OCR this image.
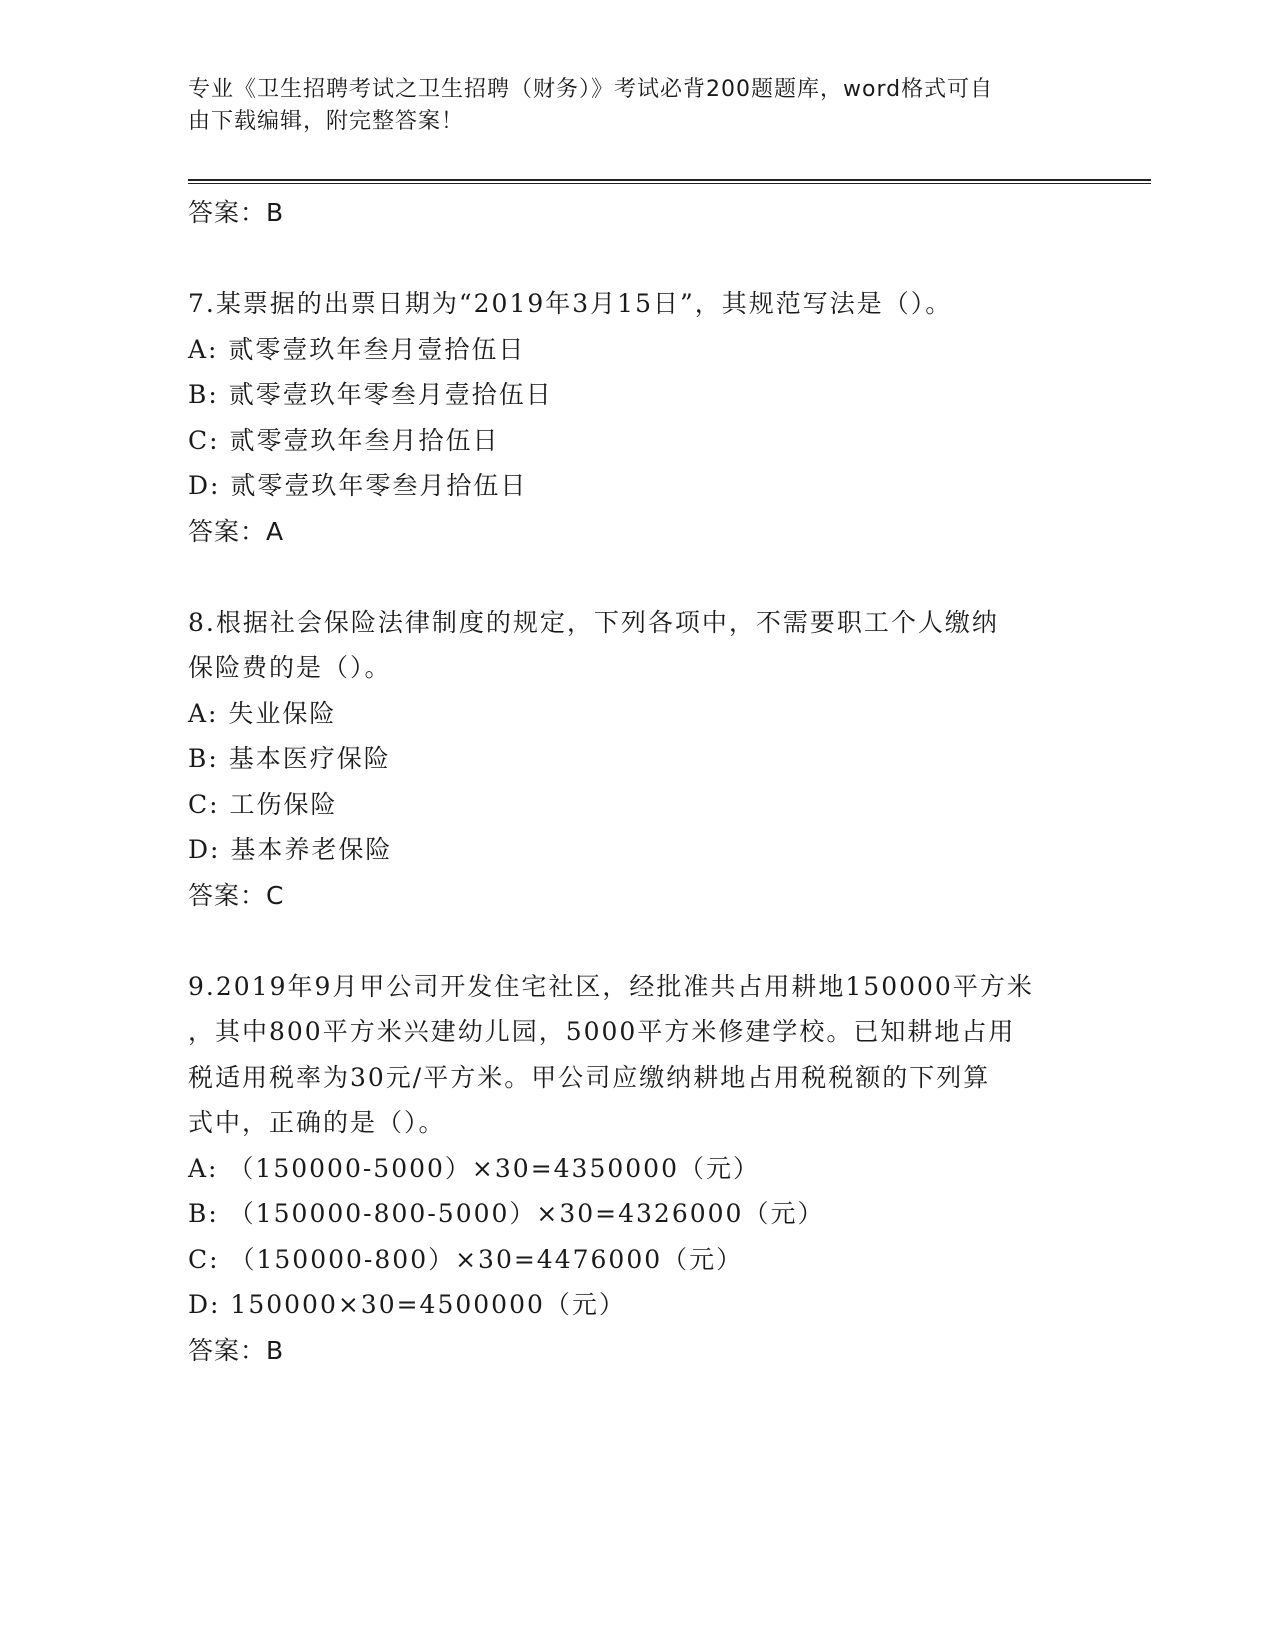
专业《卫生招聘考试之卫生招聘（财务）》考试必背200题题库，word格式可自
由下载编辑，附完整答案！
答案：B
7.某票据的出票日期为“2019年3月15日”，其规范写法是（）。
A: 贰零壹玖年叁月壹拾伍日
B: 贰零壹玖年零叁月壹拾伍日
C: 贰零壹玖年叁月拾伍日
D: 贰零壹玖年零叁月拾伍日
答案：A
8.根据社会保险法律制度的规定，下列各项中，不需要职工个人缴纳
保险费的是（）。
A: 失业保险
B: 基本医疗保险
C: 工伤保险
D: 基本养老保险
答案：C
9.2019年9月甲公司开发住宅社区，经批准共占用耕地150000平方米
，其中800平方米兴建幼儿园，5000平方米修建学校。已知耕地占用
税适用税率为30元/平方米。甲公司应缴纳耕地占用税税额的下列算
式中，正确的是（）。
A: （150000-5000）×30=4350000（元）
B: （150000-800-5000）×30=4326000（元）
C: （150000-800）×30=4476000（元）
D: 150000×30=4500000（元）
答案：B
